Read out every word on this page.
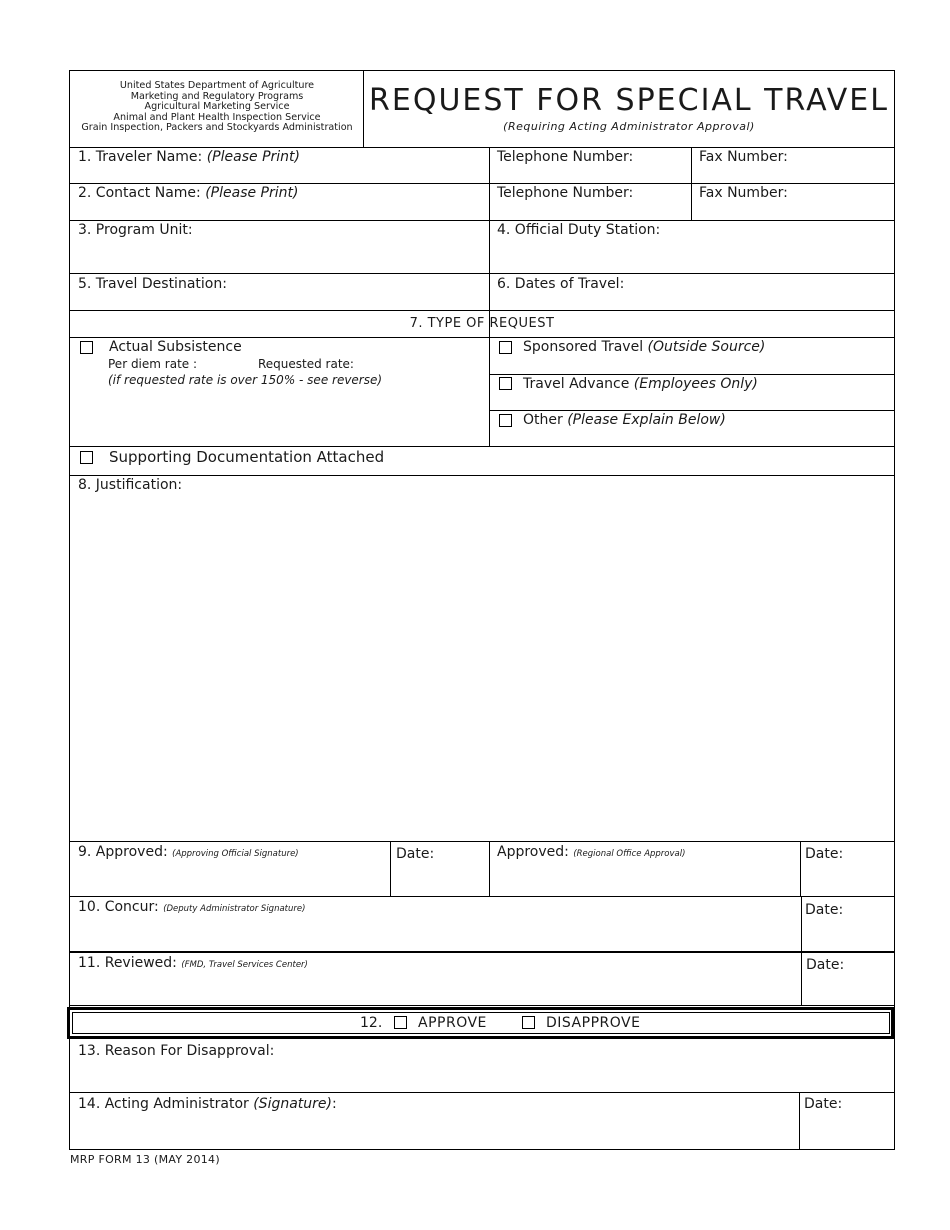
United States Department of Agriculture
Marketing and Regulatory Programs
Agricultural Marketing Service
Animal and Plant Health Inspection Service
Grain Inspection, Packers and Stockyards Administration
REQUEST FOR SPECIAL TRAVEL
(Requiring Acting Administrator Approval)
1. Traveler Name: (Please Print)	Telephone Number:	Fax Number:
2. Contact Name: (Please Print)	Telephone Number:	Fax Number:
3. Program Unit:	4. Official Duty Station:
5. Travel Destination:	6. Dates of Travel:
7. TYPE OF REQUEST
Actual Subsistence
Per diem rate :	Requested rate:
(if requested rate is over 150% - see reverse)
Sponsored Travel (Outside Source)
Travel Advance (Employees Only)
Other (Please Explain Below)
Supporting Documentation Attached
8. Justification:
9. Approved: (Approving Official Signature)	Date:	Approved: (Regional Office Approval)	Date:
10. Concur: (Deputy Administrator Signature)	Date:
11. Reviewed: (FMD, Travel Services Center)	Date:
12.	APPROVE	DISAPPROVE
13. Reason For Disapproval:
14. Acting Administrator (Signature):	Date:
MRP FORM 13 (MAY 2014)
